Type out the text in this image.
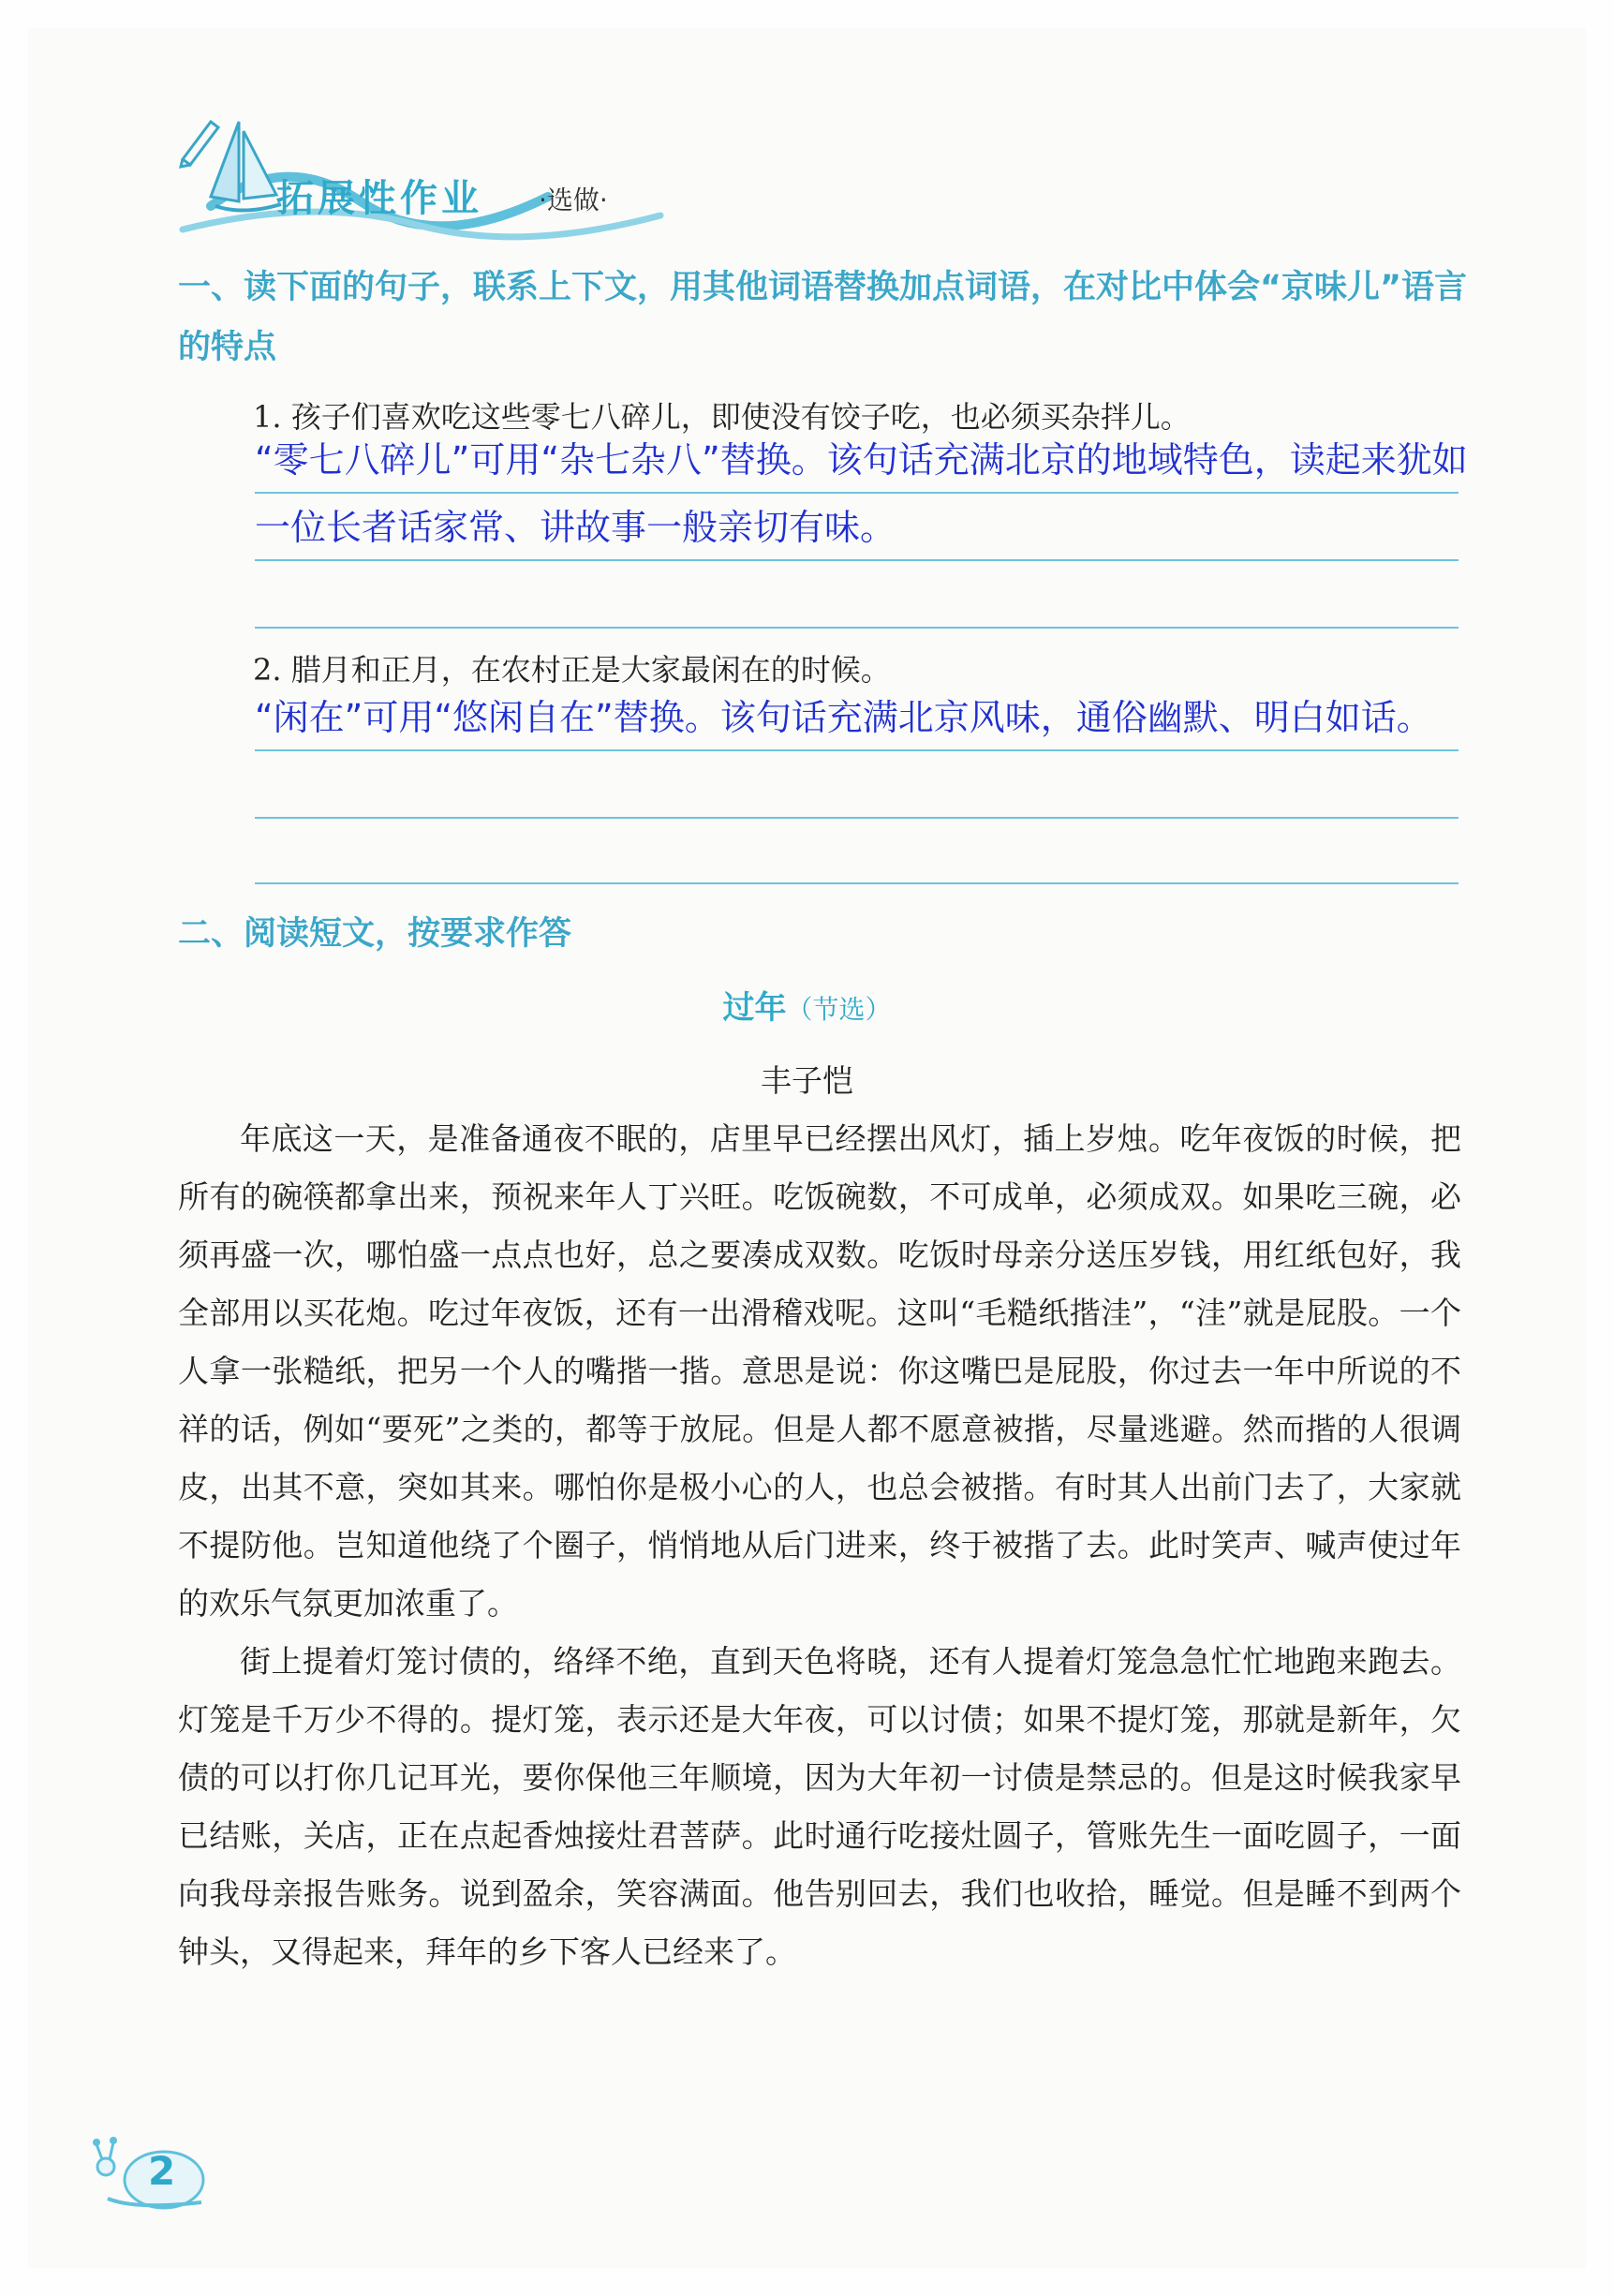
拓展性作业 ·选做·
一、读下面的句子，联系上下文，用其他词语替换加点词语，在对比中体会“京味儿”语言的特点
1. 孩子们喜欢吃这些零七八碎儿，即使没有饺子吃，也必须买杂拌儿。
“零七八碎儿”可用“杂七杂八”替换。该句话充满北京的地域特色，读起来犹如一位长者话家常、讲故事一般亲切有味。
2. 腊月和正月，在农村正是大家最闲在的时候。
“闲在”可用“悠闲自在”替换。该句话充满北京风味，通俗幽默、明白如话。
二、阅读短文，按要求作答
过年（节选）
丰子恺

年底这一天，是准备通夜不眠的，店里早已经摆出风灯，插上岁烛。吃年夜饭的时候，把所有的碗筷都拿出来，预祝来年人丁兴旺。吃饭碗数，不可成单，必须成双。如果吃三碗，必须再盛一次，哪怕盛一点点也好，总之要凑成双数。吃饭时母亲分送压岁钱，用红纸包好，我全部用以买花炮。吃过年夜饭，还有一出滑稽戏呢。这叫“毛糙纸揩洼”，“洼”就是屁股。一个人拿一张糙纸，把另一个人的嘴揩一揩。意思是说：你这嘴巴是屁股，你过去一年中所说的不祥的话，例如“要死”之类的，都等于放屁。但是人都不愿意被揩，尽量逃避。然而揩的人很调皮，出其不意，突如其来。哪怕你是极小心的人，也总会被揩。有时其人出前门去了，大家就不提防他。岂知道他绕了个圈子，悄悄地从后门进来，终于被揩了去。此时笑声、喊声使过年的欢乐气氛更加浓重了。

街上提着灯笼讨债的，络绎不绝，直到天色将晓，还有人提着灯笼急急忙忙地跑来跑去。灯笼是千万少不得的。提灯笼，表示还是大年夜，可以讨债；如果不提灯笼，那就是新年，欠债的可以打你几记耳光，要你保他三年顺境，因为大年初一讨债是禁忌的。但是这时候我家早已结账，关店，正在点起香烛接灶君菩萨。此时通行吃接灶圆子，管账先生一面吃圆子，一面向我母亲报告账务。说到盈余，笑容满面。他告别回去，我们也收拾，睡觉。但是睡不到两个钟头，又得起来，拜年的乡下客人已经来了。

2
